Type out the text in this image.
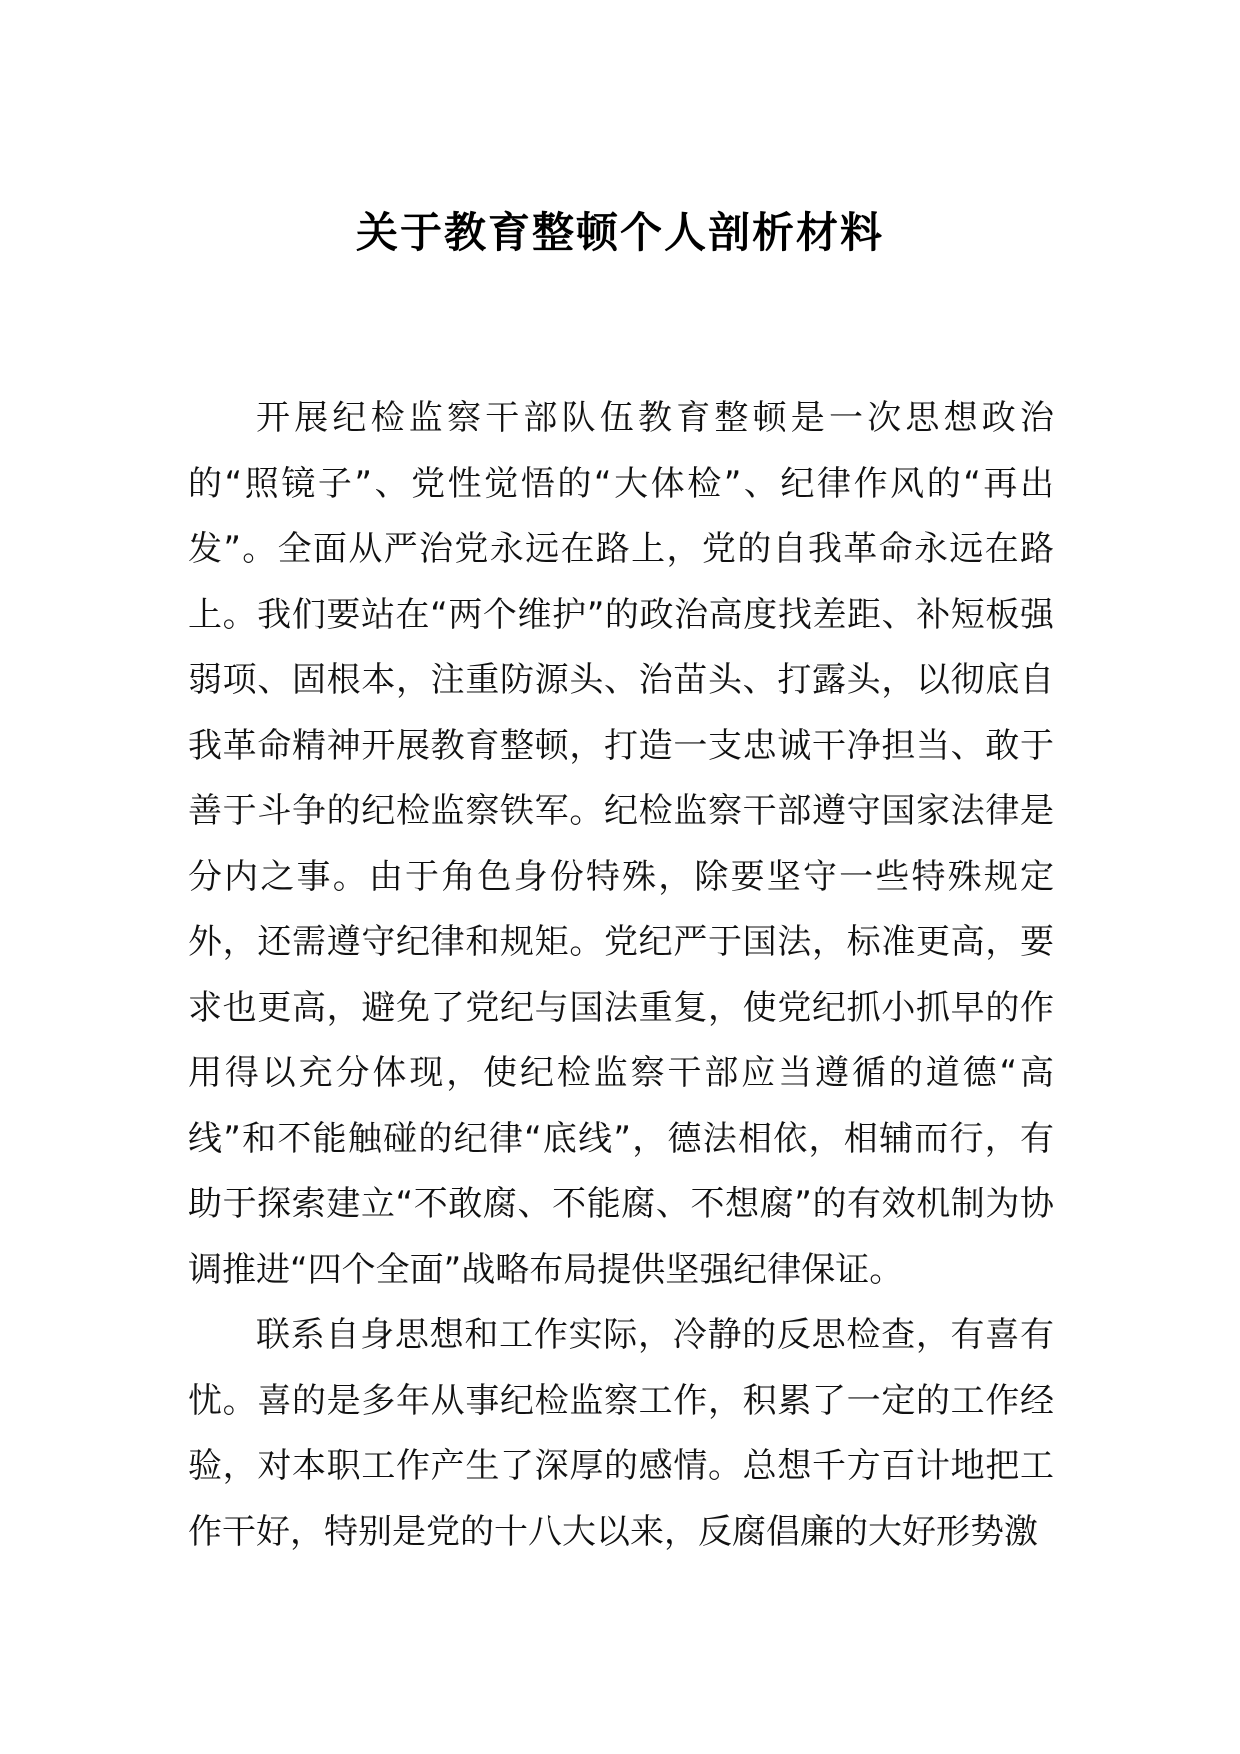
关于教育整顿个人剖析材料

开展纪检监察干部队伍教育整顿是一次思想政治的“照镜子”、党性觉悟的“大体检”、纪律作风的“再出发”。全面从严治党永远在路上，党的自我革命永远在路上。我们要站在“两个维护”的政治高度找差距、补短板强弱项、固根本，注重防源头、治苗头、打露头，以彻底自我革命精神开展教育整顿，打造一支忠诚干净担当、敢于善于斗争的纪检监察铁军。纪检监察干部遵守国家法律是分内之事。由于角色身份特殊，除要坚守一些特殊规定外，还需遵守纪律和规矩。党纪严于国法，标准更高，要求也更高，避免了党纪与国法重复，使党纪抓小抓早的作用得以充分体现，使纪检监察干部应当遵循的道德“高线”和不能触碰的纪律“底线”，德法相依，相辅而行，有助于探索建立“不敢腐、不能腐、不想腐”的有效机制为协调推进“四个全面”战略布局提供坚强纪律保证。

联系自身思想和工作实际，冷静的反思检查，有喜有忧。喜的是多年从事纪检监察工作，积累了一定的工作经验，对本职工作产生了深厚的感情。总想千方百计地把工作干好，特别是党的十八大以来，反腐倡廉的大好形势激
